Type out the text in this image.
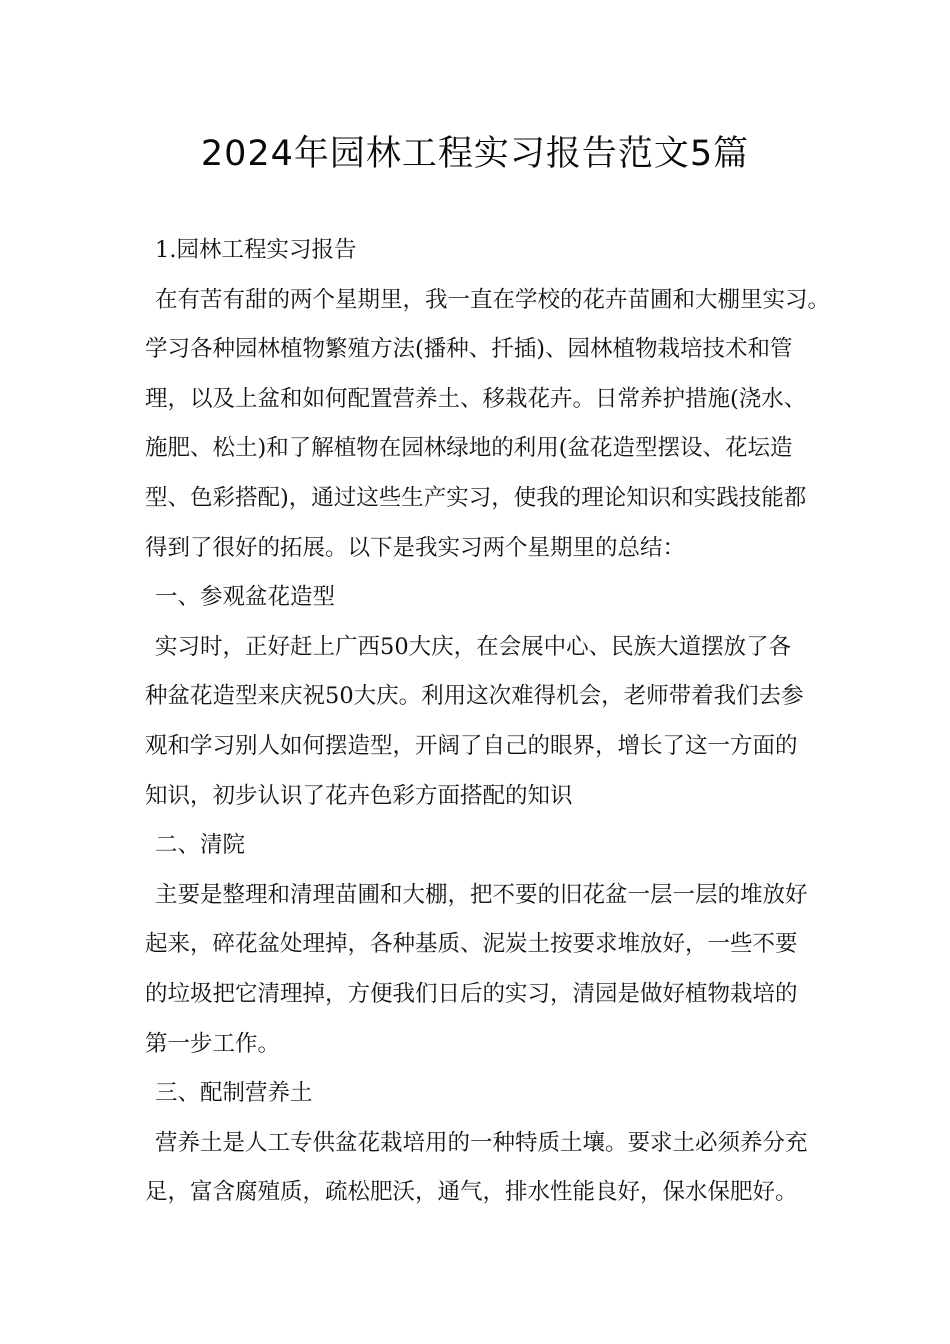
2024年园林工程实习报告范文5篇
1.园林工程实习报告
在有苦有甜的两个星期里，我一直在学校的花卉苗圃和大棚里实习。
学习各种园林植物繁殖方法(播种、扦插)、园林植物栽培技术和管
理，以及上盆和如何配置营养土、移栽花卉。日常养护措施(浇水、
施肥、松土)和了解植物在园林绿地的利用(盆花造型摆设、花坛造
型、色彩搭配)，通过这些生产实习，使我的理论知识和实践技能都
得到了很好的拓展。以下是我实习两个星期里的总结：
一、参观盆花造型
实习时，正好赶上广西50大庆，在会展中心、民族大道摆放了各
种盆花造型来庆祝50大庆。利用这次难得机会，老师带着我们去参
观和学习别人如何摆造型，开阔了自己的眼界，增长了这一方面的
知识，初步认识了花卉色彩方面搭配的知识
二、清院
主要是整理和清理苗圃和大棚，把不要的旧花盆一层一层的堆放好
起来，碎花盆处理掉，各种基质、泥炭土按要求堆放好，一些不要
的垃圾把它清理掉，方便我们日后的实习，清园是做好植物栽培的
第一步工作。
三、配制营养土
营养土是人工专供盆花栽培用的一种特质土壤。要求土必须养分充
足，富含腐殖质，疏松肥沃，通气，排水性能良好，保水保肥好。
